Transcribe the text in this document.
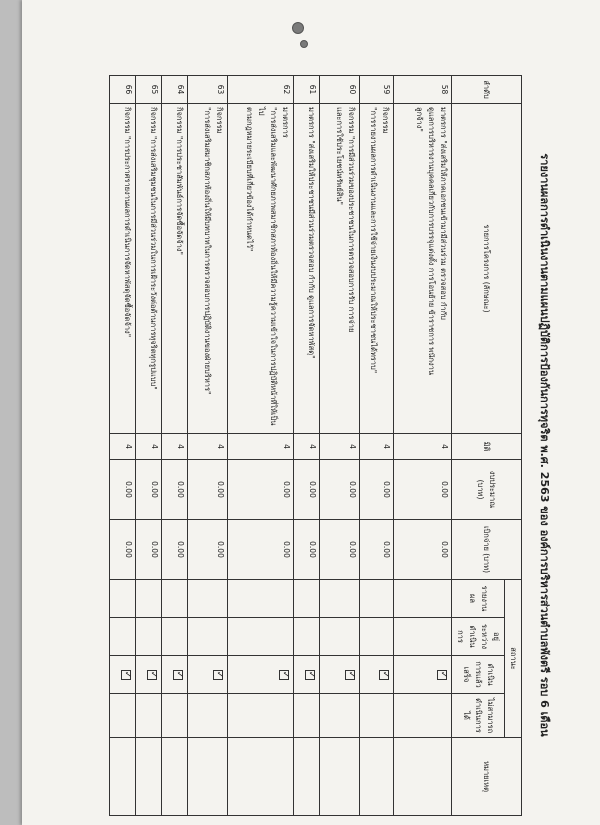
รายงานผลการดำเนินงานตามแผนปฏิบัติการป้องกันการทุจริต พ.ศ. 2563 ของ องค์การบริหารส่วนตำบลพังตรี รอบ 6 เดือน
ลำดับ	รายการโครงการ (ลักษณะ)	มิติ	งบประมาณ (บาท)	เบิกจ่าย (บาท)	สถานะ				หมายเหตุ
					รายงานผล	อยู่ระหว่างดำเนินการ	ดำเนินการแล้วเสร็จ	ไม่สามารถดำเนินการได้	
58	มาตรการ "ส่งเสริมให้ภาคเอกชนเข้ามามีส่วนร่วม ตรวจสอบ กำกับ
ดูแลการบริหารงานบุคคลเกี่ยวกับการบรรจุแต่งตั้ง การโอนย้าย ข้าราชการ พนักงาน
ลูกจ้าง"	4	0.00	0.00			✓		
59	กิจกรรม
"การรายงานผลการดำเนินงานและการใช้จ่ายเงินงบประมาณให้ประชาชนได้ทราบ"	4	0.00	0.00			✓		
60	กิจกรรม "การมีส่วนร่วมของประชาชนในการตรวจสอบการรับ การจ่าย
และการใช้ประโยชน์ทรัพย์สิน"	4	0.00	0.00			✓		
61	มาตรการ "ส่งเสริมให้ประชาชนมีส่วนร่วมตรวจสอบ กำกับ ดูแลการจัดหาพัสดุ"	4	0.00	0.00			✓		
62	มาตรการ
"การส่งเสริมและพัฒนาศักยภาพสมาชิกสภาท้องถิ่นให้มีความรู้ความเข้าใจในการปฏิบัติหน้าที่ให้เป็นไป
ตามกฎหมายระเบียบที่เกี่ยวข้องได้กำหนดไว้"	4	0.00	0.00			✓		
63	กิจกรรม
"การส่งเสริมสมาชิกสภาท้องถิ่นให้มีบทบาทในการตรวจสอบการปฏิบัติงานของฝ่ายบริหาร"	4	0.00	0.00			✓		
64	กิจกรรม "การประชาสัมพันธ์การจัดซื้อจัดจ้าง"	4	0.00	0.00			✓		
65	กิจกรรม "การส่งเสริมชุมชนในการมีส่วนร่วมในการเฝ้าระวังต่อต้านการทุจริตทุกรูปแบบ"	4	0.00	0.00			✓		
66	กิจกรรม "การประกาศรายงานผลการดำเนินการจัดหาพัสดุจัดซื้อจัดจ้าง"	4	0.00	0.00			✓		
